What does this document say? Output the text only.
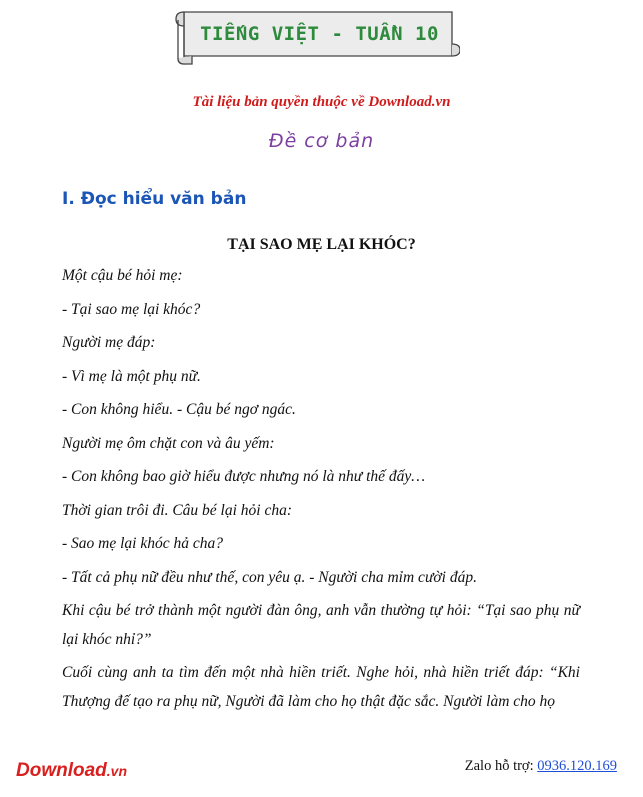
TIẾNG VIỆT - TUẦN 10
Tài liệu bản quyền thuộc về Download.vn
Đề cơ bản
I. Đọc hiểu văn bản
TẠI SAO MẸ LẠI KHÓC?

Một cậu bé hỏi mẹ:

- Tại sao mẹ lại khóc?

Người mẹ đáp:

- Vì mẹ là một phụ nữ.

- Con không hiểu. - Cậu bé ngơ ngác.

Người mẹ ôm chặt con và âu yếm:

- Con không bao giờ hiểu được nhưng nó là như thế đấy…

Thời gian trôi đi. Câu bé lại hỏi cha:

- Sao mẹ lại khóc hả cha?

- Tất cả phụ nữ đều như thế, con yêu ạ. - Người cha mỉm cười đáp.

Khi cậu bé trở thành một người đàn ông, anh vẫn thường tự hỏi: “Tại sao phụ nữ lại khóc nhỉ?”

Cuối cùng anh ta tìm đến một nhà hiền triết. Nghe hỏi, nhà hiền triết đáp: “Khi Thượng đế tạo ra phụ nữ, Người đã làm cho họ thật đặc sắc. Người làm cho họ

Download.vn	Zalo hỗ trợ: 0936.120.169
